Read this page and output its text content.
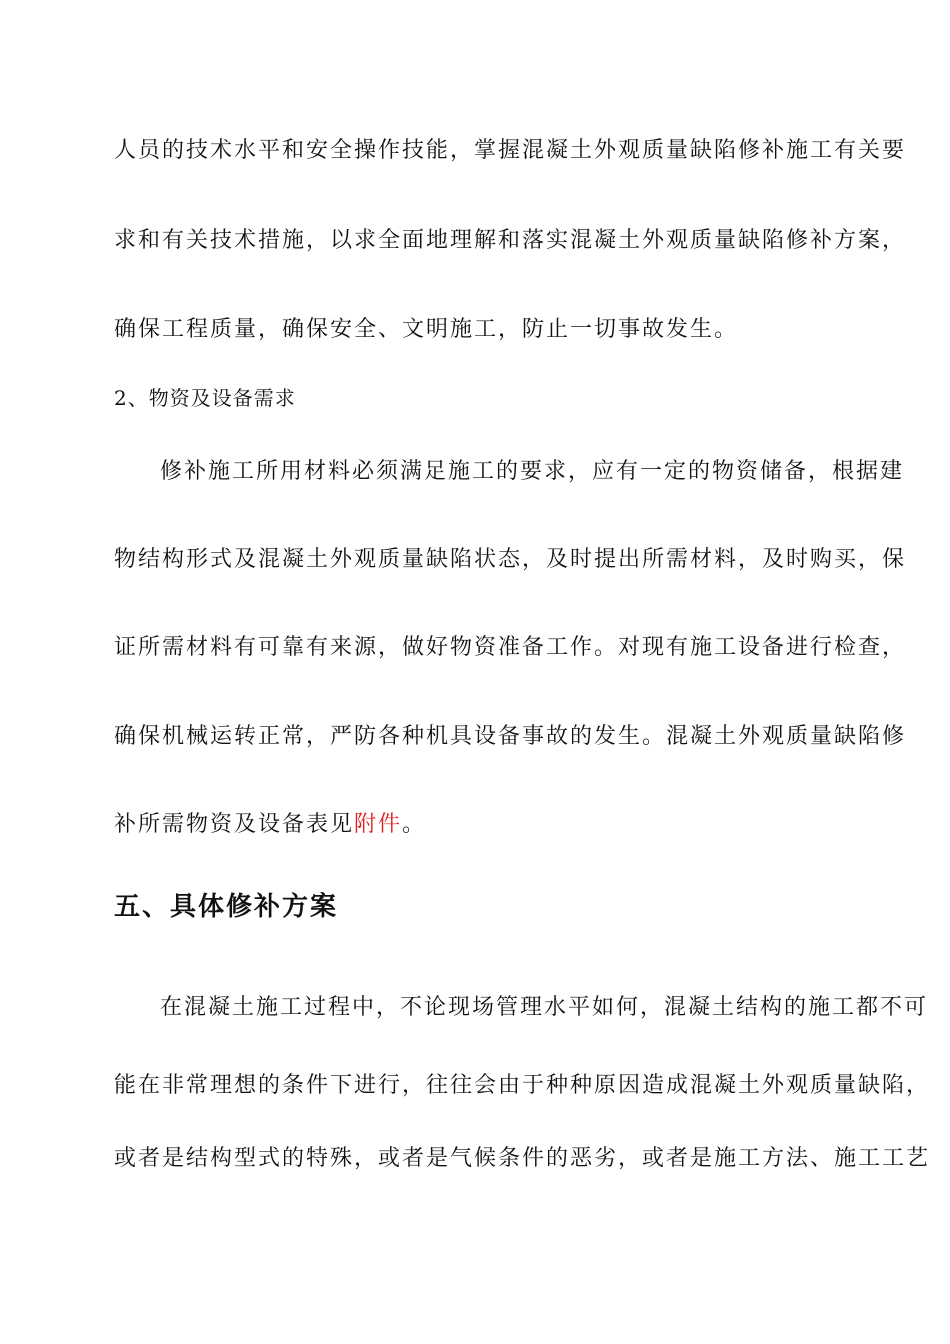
人员的技术水平和安全操作技能，掌握混凝土外观质量缺陷修补施工有关要
求和有关技术措施，以求全面地理解和落实混凝土外观质量缺陷修补方案，
确保工程质量，确保安全、文明施工，防止一切事故发生。
2、物资及设备需求
修补施工所用材料必须满足施工的要求，应有一定的物资储备，根据建
物结构形式及混凝土外观质量缺陷状态，及时提出所需材料，及时购买，保
证所需材料有可靠有来源，做好物资准备工作。对现有施工设备进行检查，
确保机械运转正常，严防各种机具设备事故的发生。混凝土外观质量缺陷修
补所需物资及设备表见附件。
五、具体修补方案
在混凝土施工过程中，不论现场管理水平如何，混凝土结构的施工都不可
能在非常理想的条件下进行，往往会由于种种原因造成混凝土外观质量缺陷，
或者是结构型式的特殊，或者是气候条件的恶劣，或者是施工方法、施工工艺
